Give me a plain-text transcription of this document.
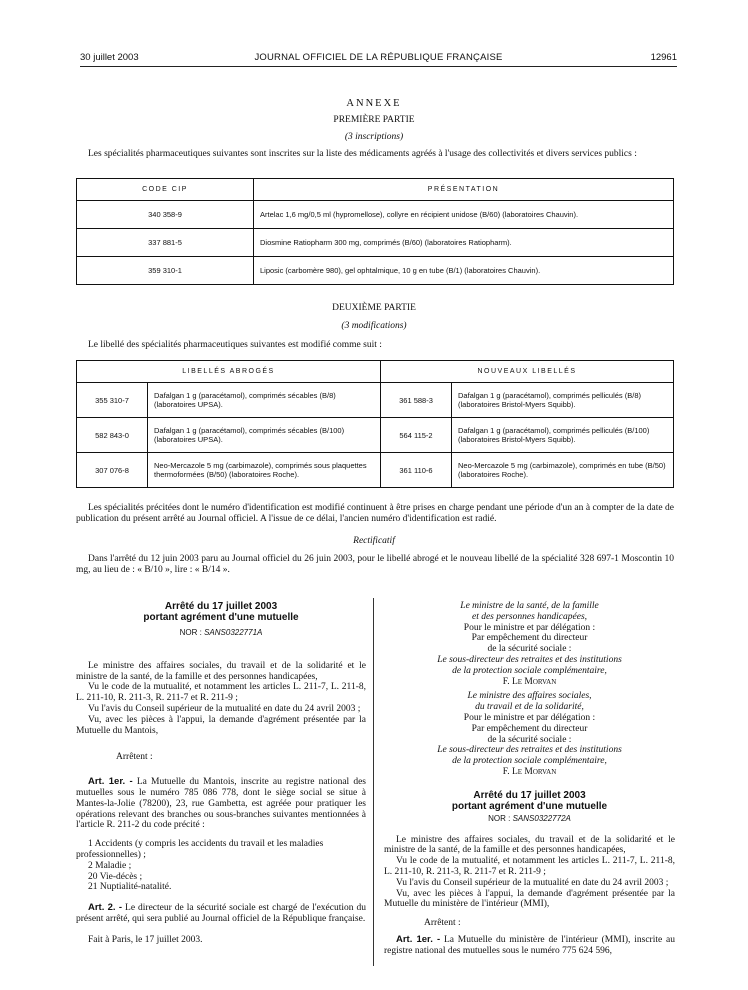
30 juillet 2003	JOURNAL OFFICIEL DE LA RÉPUBLIQUE FRANÇAISE	12961
ANNEXE
PREMIÈRE PARTIE
(3 inscriptions)
Les spécialités pharmaceutiques suivantes sont inscrites sur la liste des médicaments agréés à l'usage des collectivités et divers services publics :
CODE CIP	PRÉSENTATION
340 358-9	Artelac 1,6 mg/0,5 ml (hypromellose), collyre en récipient unidose (B/60) (laboratoires Chauvin).
337 881-5	Diosmine Ratiopharm 300 mg, comprimés (B/60) (laboratoires Ratiopharm).
359 310-1	Liposic (carbomère 980), gel ophtalmique, 10 g en tube (B/1) (laboratoires Chauvin).
DEUXIÈME PARTIE
(3 modifications)
Le libellé des spécialités pharmaceutiques suivantes est modifié comme suit :
LIBELLÉS ABROGÉS		NOUVEAUX LIBELLÉS	
355 310-7	Dafalgan 1 g (paracétamol), comprimés sécables (B/8) (laboratoires UPSA).	361 588-3	Dafalgan 1 g (paracétamol), comprimés pelliculés (B/8) (laboratoires Bristol-Myers Squibb).
582 843-0	Dafalgan 1 g (paracétamol), comprimés sécables (B/100) (laboratoires UPSA).	564 115-2	Dafalgan 1 g (paracétamol), comprimés pelliculés (B/100) (laboratoires Bristol-Myers Squibb).
307 076-8	Neo-Mercazole 5 mg (carbimazole), comprimés sous plaquettes thermoformées (B/50) (laboratoires Roche).	361 110-6	Neo-Mercazole 5 mg (carbimazole), comprimés en tube (B/50) (laboratoires Roche).
Les spécialités précitées dont le numéro d'identification est modifié continuent à être prises en charge pendant une période d'un an à compter de la date de publication du présent arrêté au Journal officiel. A l'issue de ce délai, l'ancien numéro d'identification est radié.
Rectificatif
Dans l'arrêté du 12 juin 2003 paru au Journal officiel du 26 juin 2003, pour le libellé abrogé et le nouveau libellé de la spécialité 328 697-1 Moscontin 10 mg, au lieu de : « B/10 », lire : « B/14 ».
Arrêté du 17 juillet 2003
portant agrément d'une mutuelle
NOR : SANS0322771A

Le ministre des affaires sociales, du travail et de la solidarité et le ministre de la santé, de la famille et des personnes handicapées,

Vu le code de la mutualité, et notamment les articles L. 211-7, L. 211-8, L. 211-10, R. 211-3, R. 211-7 et R. 211-9 ;

Vu l'avis du Conseil supérieur de la mutualité en date du 24 avril 2003 ;

Vu, avec les pièces à l'appui, la demande d'agrément présentée par la Mutuelle du Mantois,

Arrêtent :

Art. 1er. - La Mutuelle du Mantois, inscrite au registre national des mutuelles sous le numéro 785 086 778, dont le siège social se situe à Mantes-la-Jolie (78200), 23, rue Gambetta, est agréée pour pratiquer les opérations relevant des branches ou sous-branches suivantes mentionnées à l'article R. 211-2 du code précité :

1 Accidents (y compris les accidents du travail et les maladies professionnelles) ;

2 Maladie ;

20 Vie-décès ;

21 Nuptialité-natalité.

Art. 2. - Le directeur de la sécurité sociale est chargé de l'exécution du présent arrêté, qui sera publié au Journal officiel de la République française.

Fait à Paris, le 17 juillet 2003.

Le ministre de la santé, de la famille

et des personnes handicapées,

Pour le ministre et par délégation :

Par empêchement du directeur

de la sécurité sociale :

Le sous-directeur des retraites et des institutions

de la protection sociale complémentaire,

F. Le Morvan

Le ministre des affaires sociales,

du travail et de la solidarité,

Pour le ministre et par délégation :

Par empêchement du directeur

de la sécurité sociale :

Le sous-directeur des retraites et des institutions

de la protection sociale complémentaire,

F. Le Morvan

Arrêté du 17 juillet 2003
portant agrément d'une mutuelle
NOR : SANS0322772A

Le ministre des affaires sociales, du travail et de la solidarité et le ministre de la santé, de la famille et des personnes handicapées,

Vu le code de la mutualité, et notamment les articles L. 211-7, L. 211-8, L. 211-10, R. 211-3, R. 211-7 et R. 211-9 ;

Vu l'avis du Conseil supérieur de la mutualité en date du 24 avril 2003 ;

Vu, avec les pièces à l'appui, la demande d'agrément présentée par la Mutuelle du ministère de l'intérieur (MMI),

Arrêtent :

Art. 1er. - La Mutuelle du ministère de l'intérieur (MMI), inscrite au registre national des mutuelles sous le numéro 775 624 596,
